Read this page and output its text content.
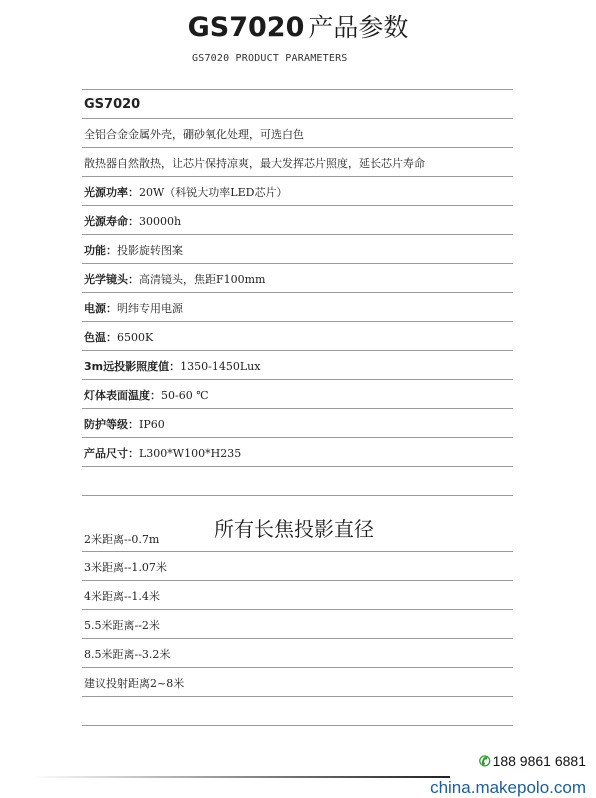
GS7020 产品参数
GS7020 PRODUCT PARAMETERS
GS7020
全铝合金金属外壳，硼砂氧化处理，可选白色
散热器自然散热，让芯片保持凉爽，最大发挥芯片照度，延长芯片寿命
光源功率：20W（科锐大功率LED芯片）
光源寿命：30000h
功能：投影旋转图案
光学镜头：高清镜头，焦距F100mm
电源：明纬专用电源
色温：6500K
3m远投影照度值：1350-1450Lux
灯体表面温度：50-60 ℃
防护等级：IP60
产品尺寸：L300*W100*H235
所有长焦投影直径
2米距离--0.7m
3米距离--1.07米
4米距离--1.4米
5.5米距离--2米
8.5米距离--3.2米
建议投射距离2~8米
✆ 188 9861 6881
china.makepolo.com
